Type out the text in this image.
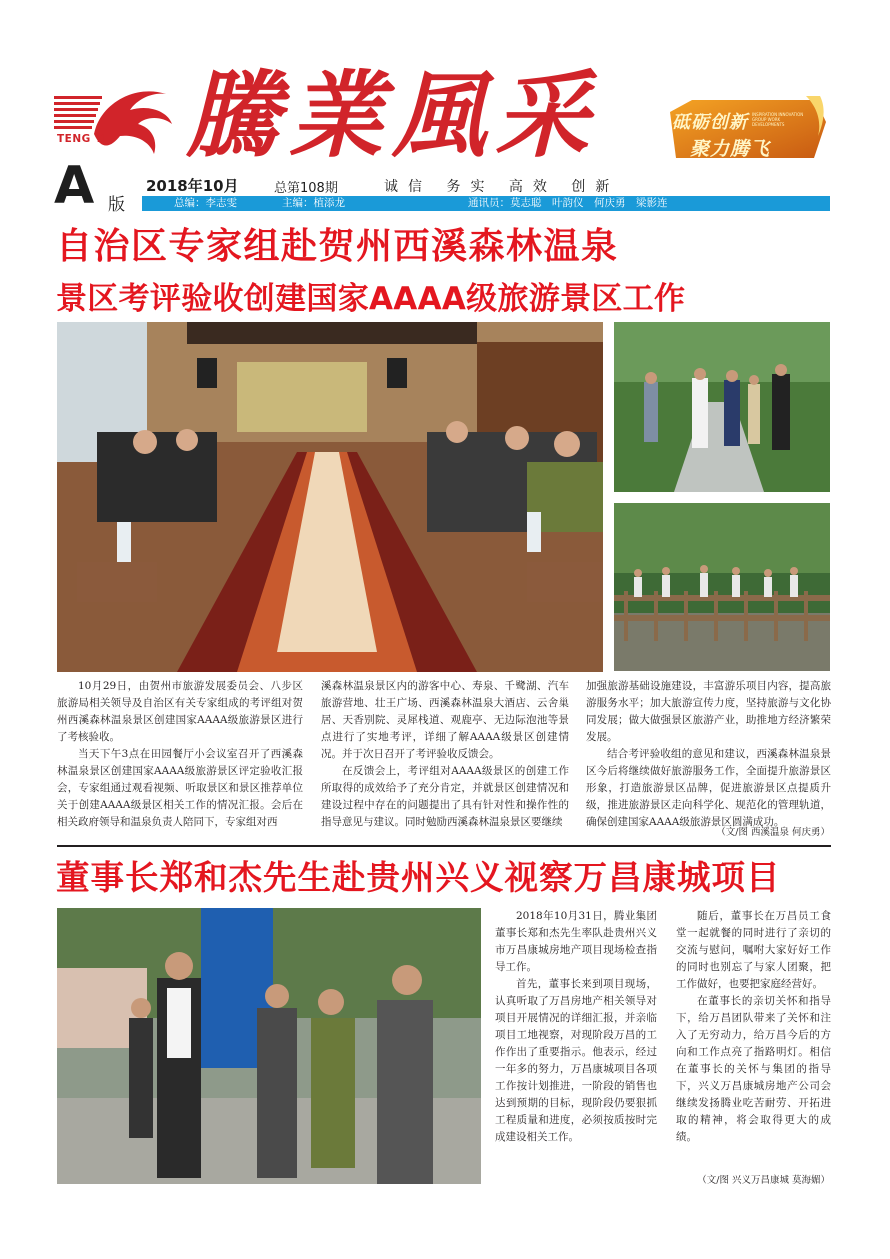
TENG YE 騰業風采	砥砺创新 INSPIRATION INNOVATION GROUP WORK DEVELOPMENTS
聚力腾飞
A 版
2018年10月	总第108期	诚信 务实 高效 创新
总编：李志雯	主编：植添龙	通讯员：莫志聪　叶韵仪　何庆勇　梁影连
自治区专家组赴贺州西溪森林温泉
景区考评验收创建国家AAAA级旅游景区工作

10月29日，由贺州市旅游发展委员会、八步区旅游局相关领导及自治区有关专家组成的考评组对贺州西溪森林温泉景区创建国家AAAA级旅游景区进行了考核验收。

当天下午3点在田园餐厅小会议室召开了西溪森林温泉景区创建国家AAAA级旅游景区评定验收汇报会，专家组通过观看视频、听取景区和景区推荐单位关于创建AAAA级景区相关工作的情况汇报。会后在相关政府领导和温泉负责人陪同下，专家组对西

溪森林温泉景区内的游客中心、寿泉、千鹭湖、汽车旅游营地、壮王广场、西溪森林温泉大酒店、云舍巢居、天香别院、灵犀栈道、观鹿亭、无边际泡池等景点进行了实地考评，详细了解AAAA级景区创建情况。并于次日召开了考评验收反馈会。

在反馈会上，考评组对AAAA级景区的创建工作所取得的成效给予了充分肯定，并就景区创建情况和建设过程中存在的问题提出了具有针对性和操作性的指导意见与建议。同时勉励西溪森林温泉景区要继续

加强旅游基础设施建设，丰富游乐项目内容，提高旅游服务水平；加大旅游宣传力度，坚持旅游与文化协同发展；做大做强景区旅游产业，助推地方经济繁荣发展。

结合考评验收组的意见和建议，西溪森林温泉景区今后将继续做好旅游服务工作，全面提升旅游景区形象，打造旅游景区品牌，促进旅游景区点提质升级，推进旅游景区走向科学化、规范化的管理轨道，确保创建国家AAAA级旅游景区圆满成功。

（文/图 西溪温泉 何庆勇）
董事长郑和杰先生赴贵州兴义视察万昌康城项目

2018年10月31日，腾业集团董事长郑和杰先生率队赴贵州兴义市万昌康城房地产项目现场检查指导工作。

首先，董事长来到项目现场，认真听取了万昌房地产相关领导对项目开展情况的详细汇报，并亲临项目工地视察，对现阶段万昌的工作作出了重要指示。他表示，经过一年多的努力，万昌康城项目各项工作按计划推进，一阶段的销售也达到预期的目标，现阶段仍要狠抓工程质量和进度，必须按质按时完成建设相关工作。

随后，董事长在万昌员工食堂一起就餐的同时进行了亲切的交流与慰问，嘱咐大家好好工作的同时也别忘了与家人团聚，把工作做好，也要把家庭经营好。

在董事长的亲切关怀和指导下，给万昌团队带来了关怀和注入了无穷动力，给万昌今后的方向和工作点亮了指路明灯。相信在董事长的关怀与集团的指导下，兴义万昌康城房地产公司会继续发扬腾业吃苦耐劳、开拓进取的精神，将会取得更大的成绩。

（文/图 兴义万昌康城 莫海媚）
